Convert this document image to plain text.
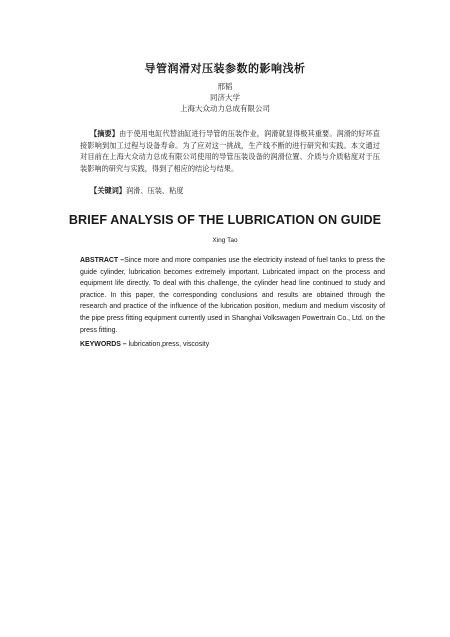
导管润滑对压装参数的影响浅析
邢韬
同济大学
上海大众动力总成有限公司
【摘要】由于使用电缸代替油缸进行导管的压装作业，润滑就显得极其重要。润滑的好坏直接影响到加工过程与设备寿命。为了应对这一挑战，生产线不断的进行研究和实践。本文通过对目前在上海大众动力总成有限公司使用的导管压装设备的润滑位置、介质与介质粘度对于压装影响的研究与实践，得到了相应的结论与结果。
【关键词】润滑、压装、粘度
BRIEF ANALYSIS OF THE LUBRICATION ON GUIDE
Xing Tao
ABSTRACT –Since more and more companies use the electricity instead of fuel tanks to press the guide cylinder, lubrication becomes extremely important. Lubricated impact on the process and equipment life directly. To deal with this challenge, the cylinder head line continued to study and practice. In this paper, the corresponding conclusions and results are obtained through the research and practice of the influence of the lubrication position, medium and medium viscosity of the pipe press fitting equipment currently used in Shanghai Volkswagen Powertrain Co., Ltd. on the press fitting.
KEYWORDS – lubrication,press, viscosity
